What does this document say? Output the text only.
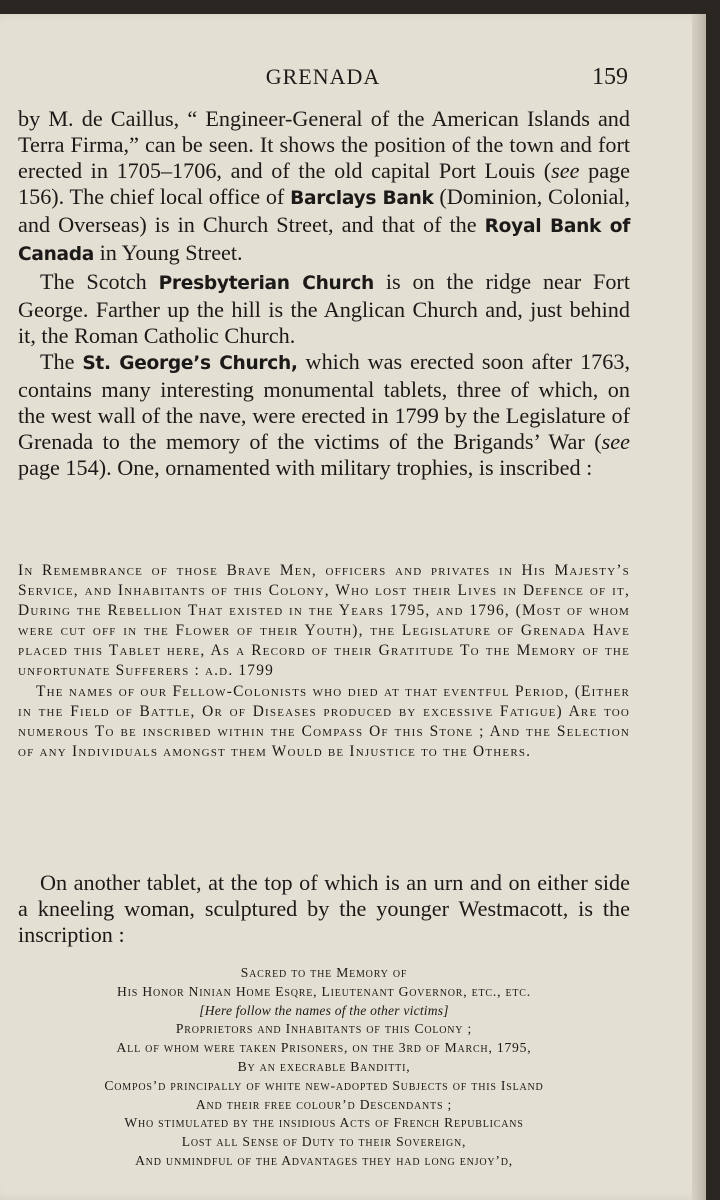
GRENADA	159

by M. de Caillus, “ Engineer-General of the American Islands and Terra Firma,” can be seen. It shows the position of the town and fort erected in 1705–1706, and of the old capital Port Louis (see page 156). The chief local office of Barclays Bank (Dominion, Colonial, and Overseas) is in Church Street, and that of the Royal Bank of Canada in Young Street.

The Scotch Presbyterian Church is on the ridge near Fort George. Farther up the hill is the Anglican Church and, just behind it, the Roman Catholic Church.

The St. George’s Church, which was erected soon after 1763, contains many interesting monumental tablets, three of which, on the west wall of the nave, were erected in 1799 by the Legislature of Grenada to the memory of the victims of the Brigands’ War (see page 154). One, ornamented with military trophies, is inscribed :

In Remembrance of those Brave Men, officers and privates in His Majesty’s Service, and Inhabitants of this Colony, Who lost their Lives in Defence of it, During the Rebellion That existed in the Years 1795, and 1796, (Most of whom were cut off in the Flower of their Youth), the Legislature of Grenada Have placed this Tablet here, As a Record of their Gratitude To the Memory of the unfortunate Sufferers : a.d. 1799

The names of our Fellow-Colonists who died at that eventful Period, (Either in the Field of Battle, Or of Diseases produced by excessive Fatigue) Are too numerous To be inscribed within the Compass Of this Stone ; And the Selection of any Individuals amongst them Would be Injustice to the Others.

On another tablet, at the top of which is an urn and on either side a kneeling woman, sculptured by the younger Westmacott, is the inscription :

Sacred to the Memory of
His Honor Ninian Home Esqre, Lieutenant Governor, etc., etc.
[Here follow the names of the other victims]
Proprietors and Inhabitants of this Colony ;
All of whom were taken Prisoners, on the 3rd of March, 1795,
By an execrable Banditti,
Compos’d principally of white new-adopted Subjects of this Island
And their free colour’d Descendants ;
Who stimulated by the insidious Acts of French Republicans
Lost all Sense of Duty to their Sovereign,
And unmindful of the Advantages they had long enjoy’d,
